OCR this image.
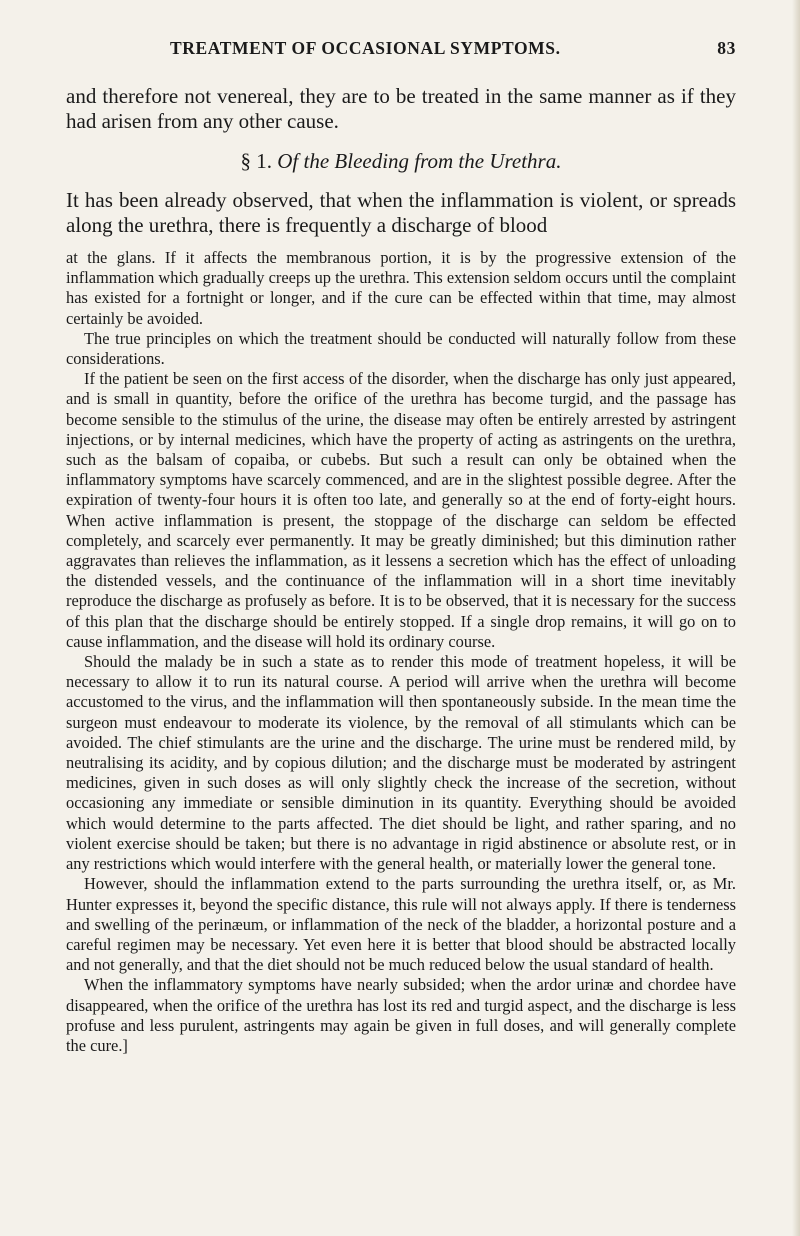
TREATMENT OF OCCASIONAL SYMPTOMS.	83

and therefore not venereal, they are to be treated in the same manner as if they had arisen from any other cause.

§ 1. Of the Bleeding from the Urethra.

It has been already observed, that when the inflammation is violent, or spreads along the urethra, there is frequently a discharge of blood

at the glans. If it affects the membranous portion, it is by the progressive extension of the inflammation which gradually creeps up the urethra. This extension seldom occurs until the complaint has existed for a fortnight or longer, and if the cure can be effected within that time, may almost certainly be avoided.

The true principles on which the treatment should be conducted will naturally follow from these considerations.

If the patient be seen on the first access of the disorder, when the discharge has only just appeared, and is small in quantity, before the orifice of the urethra has become turgid, and the passage has become sensible to the stimulus of the urine, the disease may often be entirely arrested by astringent injections, or by internal medicines, which have the property of acting as astringents on the urethra, such as the balsam of copaiba, or cubebs. But such a result can only be obtained when the inflammatory symptoms have scarcely commenced, and are in the slightest possible degree. After the expiration of twenty-four hours it is often too late, and generally so at the end of forty-eight hours. When active inflammation is present, the stoppage of the discharge can seldom be effected completely, and scarcely ever permanently. It may be greatly diminished; but this diminution rather aggravates than relieves the inflammation, as it lessens a secretion which has the effect of unloading the distended vessels, and the continuance of the inflammation will in a short time inevitably reproduce the discharge as profusely as before. It is to be observed, that it is necessary for the success of this plan that the discharge should be entirely stopped. If a single drop remains, it will go on to cause inflammation, and the disease will hold its ordinary course.

Should the malady be in such a state as to render this mode of treatment hopeless, it will be necessary to allow it to run its natural course. A period will arrive when the urethra will become accustomed to the virus, and the inflammation will then spontaneously subside. In the mean time the surgeon must endeavour to moderate its violence, by the removal of all stimulants which can be avoided. The chief stimulants are the urine and the discharge. The urine must be rendered mild, by neutralising its acidity, and by copious dilution; and the discharge must be moderated by astringent medicines, given in such doses as will only slightly check the increase of the secretion, without occasioning any immediate or sensible diminution in its quantity. Everything should be avoided which would determine to the parts affected. The diet should be light, and rather sparing, and no violent exercise should be taken; but there is no advantage in rigid abstinence or absolute rest, or in any restrictions which would interfere with the general health, or materially lower the general tone.

However, should the inflammation extend to the parts surrounding the urethra itself, or, as Mr. Hunter expresses it, beyond the specific distance, this rule will not always apply. If there is tenderness and swelling of the perinæum, or inflammation of the neck of the bladder, a horizontal posture and a careful regimen may be necessary. Yet even here it is better that blood should be abstracted locally and not generally, and that the diet should not be much reduced below the usual standard of health.

When the inflammatory symptoms have nearly subsided; when the ardor urinæ and chordee have disappeared, when the orifice of the urethra has lost its red and turgid aspect, and the discharge is less profuse and less purulent, astringents may again be given in full doses, and will generally complete the cure.]
